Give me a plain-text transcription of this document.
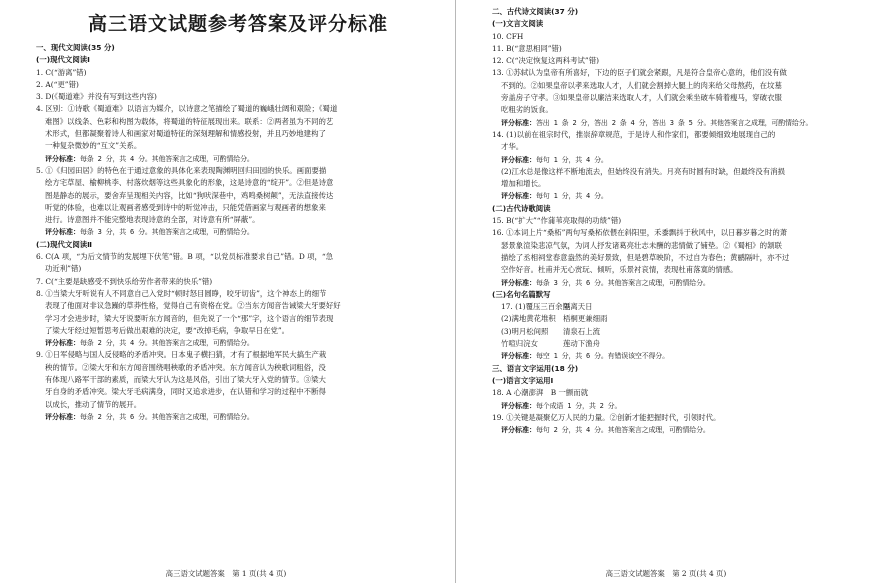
高三语文试题参考答案及评分标准
一、现代文阅读(35 分)
(一)现代文阅读Ⅰ
1. C(“游离”错)
2. A(“更”错)
3. D(《蜀道难》并没有写到这些内容)
4. 区别：①诗歌《蜀道难》以语言为媒介，以诗意之笔描绘了蜀道的巍峨壮阔和艰险；《蜀道
难图》以线条、色彩和构图为载体，将蜀道的特征展现出来。联系：②两者虽为不同的艺
术形式，但都凝聚着诗人和画家对蜀道特征的深刻理解和情感投射，并且巧妙地建构了
一种复杂微妙的“互文”关系。
评分标准：每条 2 分，共 4 分。其他答案言之成理，可酌情给分。
5. ①《归园田居》的特色在于通过意象的具体化来表现陶渊明回归田园的快乐。画面要描
绘方宅草屋、榆柳桃李、村落炊烟等这些具象化的形象，这是诗意的“绽开”。②但是诗意
图是静态的展示，要舍弃呈现相关内容，比如“狗吠深巷中，鸡鸣桑树颠”，无法直接传达
听觉的体验，也难以让观画者感受到诗中的听觉冲击，只能凭借画家与观画者的想象来
进行。诗意图并不能完整地表现诗意的全部，对诗意有所“屏蔽”。
评分标准：每条 3 分，共 6 分。其他答案言之成理，可酌情给分。
(二)现代文阅读Ⅱ
6. C(A 项，“为后文情节的发展埋下伏笔”错。B 项，“以党员标准要求自己”错。D 项，“急
功近利”错)
7. C(“主要是缺感受不到快乐给劳作者带来的快乐”错)
8. ①当梁大牙听说有人不同意自己入党时“顿时怒目圆睁，咬牙切齿”，这个神态上的细节
表现了他面对非议急躁的草莽性格，觉得自己有资格在党。②当东方闻音告诫梁大牙要好好
学习才会进步时，梁大牙说要听东方闻音的，但先说了一个“那”字，这个语言的细节表现
了梁大牙经过短暂思考后做出艰难的决定，要“改掉毛病，争取早日在党”。
评分标准：每条 2 分，共 4 分。其他答案言之成理，可酌情给分。
9. ①日军侵略与国人反侵略的矛盾冲突。日本鬼子横扫猜，才有了根据地军民大搞生产栽
秧的情节。②梁大牙和东方闻音围绕唱秧歌的矛盾冲突。东方闻音认为秧歌词粗俗，没
有体现八路军干部的素质，而梁大牙认为这是风俗，引出了梁大牙入党的情节。③梁大
牙自身的矛盾冲突。梁大牙毛病满身，同时又追求进步，在认错和学习的过程中不断得
以成长，推动了情节的展开。
评分标准：每条 2 分，共 6 分。其他答案言之成理，可酌情给分。
高三语文试题答案　第 1 页(共 4 页)
二、古代诗文阅读(37 分)
(一)文言文阅读
10. CFH
11. B(“意思相同”错)
12. C(“决定恢复这两科考试”错)
13. ①苏轼认为皇帝有所喜好，下边的臣子们就会紧跟，凡是符合皇帝心意的，他们没有做
不到的。②如果皇帝以孝来选取人才，人们就会割掉大腿上的肉来给父母熬药，在坟墓
旁盖房子守孝。③如果皇帝以廉洁来选取人才，人们就会乘坐破车骑着瘦马，穿破衣服
吃粗劣的饭食。
评分标准：答出 1 条 2 分，答出 2 条 4 分，答出 3 条 5 分。其他答案言之成理，可酌情给分。
14. (1)以前在祖宗时代，推崇辞章规范，于是诗人和作家们，都要倾细致地展现自己的
才华。
评分标准：每句 1 分，共 4 分。
(2)江水总是像这样不断地流去，但始终没有消失。月亮有时圆有时缺，但最终没有消损
增加和增长。
评分标准：每句 1 分，共 4 分。
(二)古代诗歌阅读
15. B(“扩大”“作蒲苇亮取得的功绩”错)
16. ①本词上片“桑柘”两句写桑柘依偎在斜阳里，禾黍飘抖于秋风中，以日暮岁暮之时的萧
瑟景象渲染悲凉气氛，为词人抒发诸葛亮壮志未酬的悲情做了铺垫。②《蜀相》的颔联
描绘了丞相祠堂春意盎然的美好景致，但是碧草映阶，不过自为春色；黄鹂隔叶，亦不过
空作好音。杜甫并无心赏玩、倾听，乐景衬哀情，表现杜甫落寞的情感。
评分标准：每条 3 分，共 6 分。其他答案言之成理，可酌情给分。
(三)名句名篇默写
17. (1)覆压三百余里隔离天日
(2)满地黄花堆积 梧桐更兼细雨
(3)明月松间照 清泉石上流
竹喧归浣女	莲动下渔舟
评分标准：每空 1 分，共 6 分。有错误该空不得分。
三、语言文字运用(18 分)
(一)语言文字运用Ⅰ
18. A 心潮澎湃　B 一颤而就
评分标准：每个成语 1 分，共 2 分。
19. ①关键是凝聚亿万人民的力量。②创新才能把握时代，引领时代。
评分标准：每句 2 分，共 4 分。其他答案言之成理，可酌情给分。
高三语文试题答案　第 2 页(共 4 页)
